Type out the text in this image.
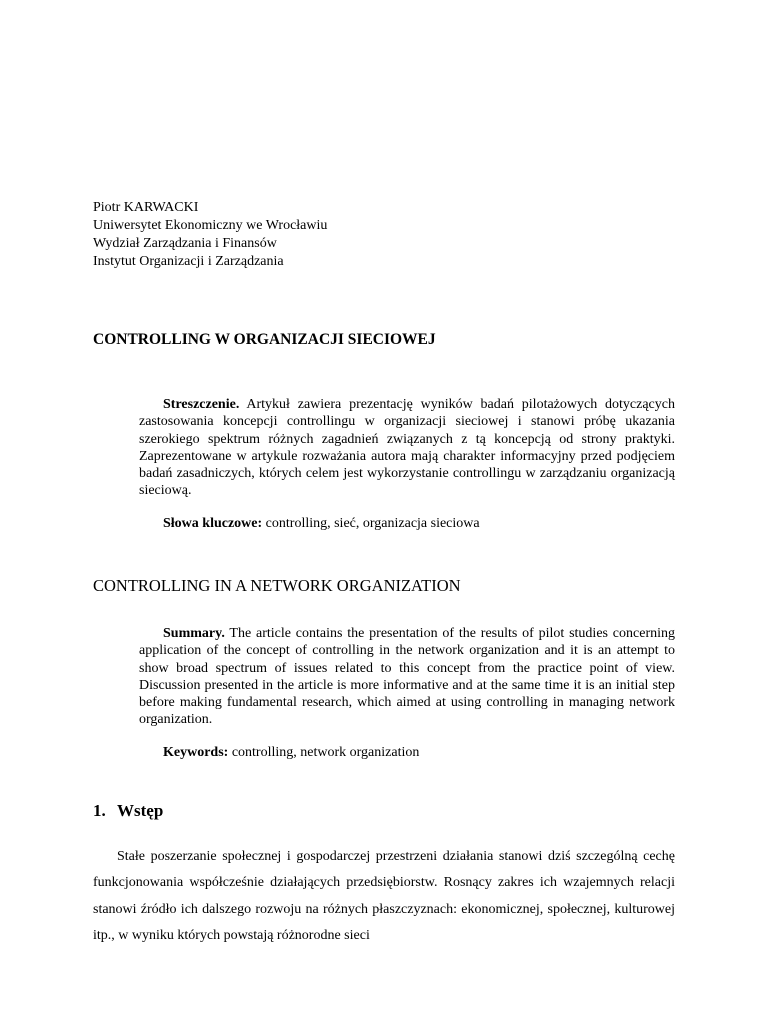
Piotr KARWACKI
Uniwersytet Ekonomiczny we Wrocławiu
Wydział Zarządzania i Finansów
Instytut Organizacji i Zarządzania
CONTROLLING W ORGANIZACJI SIECIOWEJ

Streszczenie. Artykuł zawiera prezentację wyników badań pilotażowych dotyczących zastosowania koncepcji controllingu w organizacji sieciowej i stanowi próbę ukazania szerokiego spektrum różnych zagadnień związanych z tą koncepcją od strony praktyki. Zaprezentowane w artykule rozważania autora mają charakter informacyjny przed podjęciem badań zasadniczych, których celem jest wykorzystanie controllingu w zarządzaniu organizacją sieciową.

Słowa kluczowe: controlling, sieć, organizacja sieciowa
CONTROLLING IN A NETWORK ORGANIZATION

Summary. The article contains the presentation of the results of pilot studies concerning application of the concept of controlling in the network organization and it is an attempt to show broad spectrum of issues related to this concept from the practice point of view. Discussion presented in the article is more informative and at the same time it is an initial step before making fundamental research, which aimed at using controlling in managing network organization.

Keywords: controlling, network organization
1. Wstęp

Stałe poszerzanie społecznej i gospodarczej przestrzeni działania stanowi dziś szczególną cechę funkcjonowania współcześnie działających przedsiębiorstw. Rosnący zakres ich wzajemnych relacji stanowi źródło ich dalszego rozwoju na różnych płaszczyznach: ekonomicznej, społecznej, kulturowej itp., w wyniku których powstają różnorodne sieci
